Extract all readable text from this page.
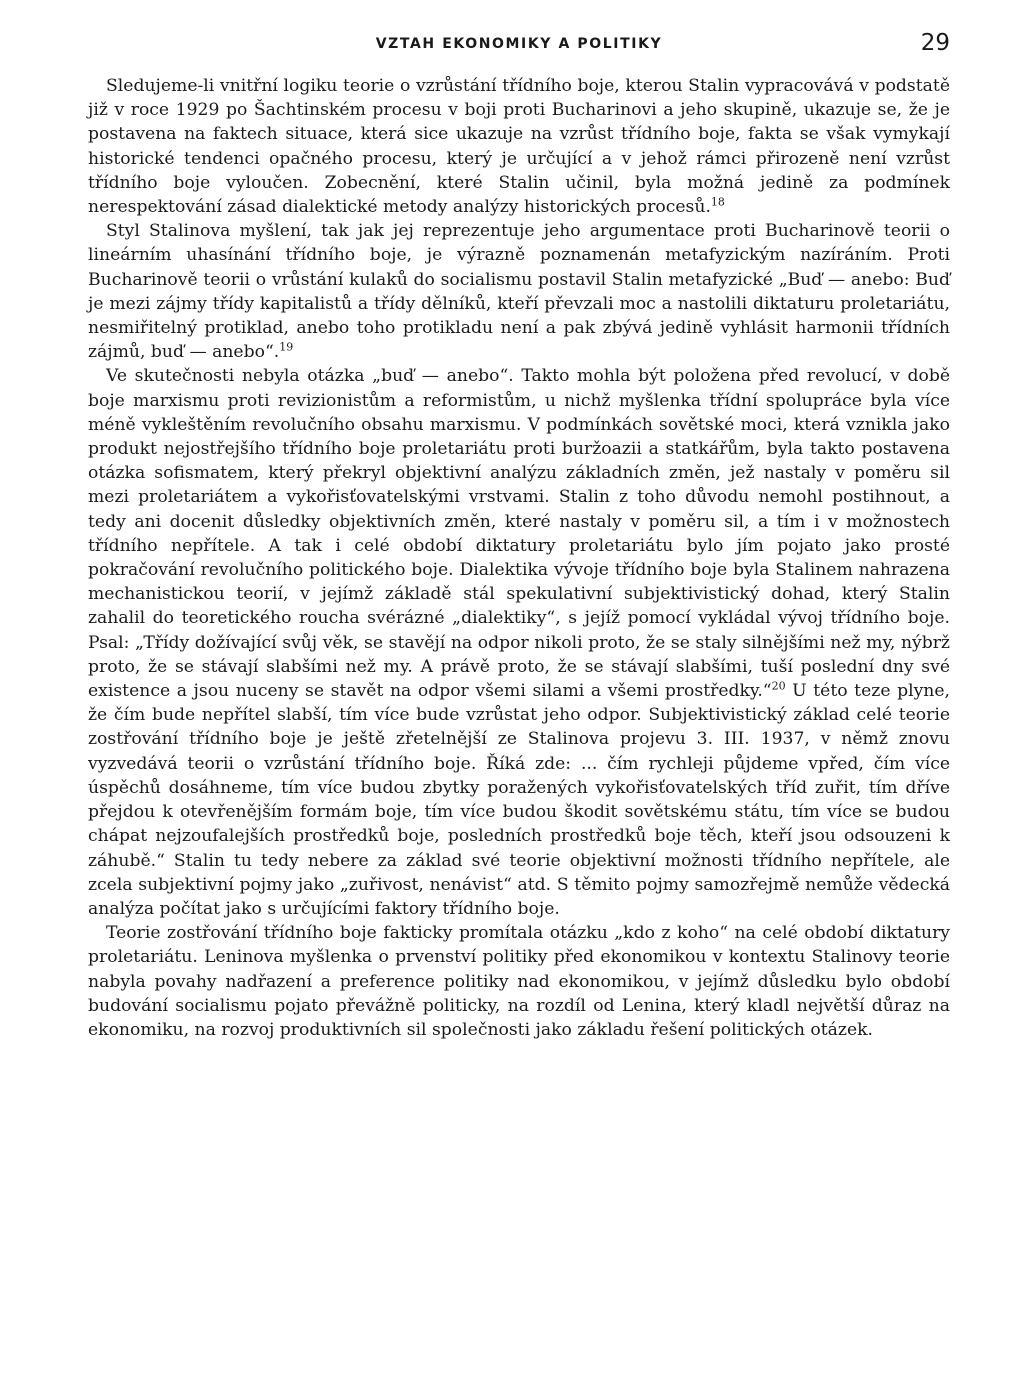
VZTAH EKONOMIKY A POLITIKY	29

Sledujeme-li vnitřní logiku teorie o vzrůstání třídního boje, kterou Stalin vypracovává v podstatě již v roce 1929 po Šachtinském procesu v boji proti Bucharinovi a jeho skupině, ukazuje se, že je postavena na faktech situace, která sice ukazuje na vzrůst třídního boje, fakta se však vymykají historické tendenci opačného procesu, který je určující a v jehož rámci přirozeně není vzrůst třídního boje vyloučen. Zobecnění, které Stalin učinil, byla možná jedině za podmínek nerespektování zásad dialektické metody analýzy historických procesů.$^{18}$

Styl Stalinova myšlení, tak jak jej reprezentuje jeho argumentace proti Bucharinově teorii o lineárním uhasínání třídního boje, je výrazně poznamenán metafyzickým nazíráním. Proti Bucharinově teorii o vrůstání kulaků do socialismu postavil Stalin metafyzické „Buď — anebo: Buď je mezi zájmy třídy kapitalistů a třídy dělníků, kteří převzali moc a nastolili diktaturu proletariátu, nesmiřitelný protiklad, anebo toho protikladu není a pak zbývá jedině vyhlásit harmonii třídních zájmů, buď — anebo“.$^{19}$

Ve skutečnosti nebyla otázka „buď — anebo“. Takto mohla být položena před revolucí, v době boje marxismu proti revizionistům a reformistům, u nichž myšlenka třídní spolupráce byla více méně vykleštěním revolučního obsahu marxismu. V podmínkách sovětské moci, která vznikla jako produkt nejostřejšího třídního boje proletariátu proti buržoazii a statkářům, byla takto postavena otázka sofismatem, který překryl objektivní analýzu základních změn, jež nastaly v poměru sil mezi proletariátem a vykořisťovatelskými vrstvami. Stalin z toho důvodu nemohl postihnout, a tedy ani docenit důsledky objektivních změn, které nastaly v poměru sil, a tím i v možnostech třídního nepřítele. A tak i celé období diktatury proletariátu bylo jím pojato jako prosté pokračování revolučního politického boje. Dialektika vývoje třídního boje byla Stalinem nahrazena mechanistickou teorií, v jejímž základě stál spekulativní subjektivistický dohad, který Stalin zahalil do teoretického roucha svérázné „dialektiky“, s jejíž pomocí vykládal vývoj třídního boje. Psal: „Třídy dožívající svůj věk, se stavějí na odpor nikoli proto, že se staly silnějšími než my, nýbrž proto, že se stávají slabšími než my. A právě proto, že se stávají slabšími, tuší poslední dny své existence a jsou nuceny se stavět na odpor všemi silami a všemi prostředky.“$^{20}$ U této teze plyne, že čím bude nepřítel slabší, tím více bude vzrůstat jeho odpor. Subjektivistický základ celé teorie zostřování třídního boje je ještě zřetelnější ze Stalinova projevu 3. III. 1937, v němž znovu vyzvedává teorii o vzrůstání třídního boje. Říká zde: ... čím rychleji půjdeme vpřed, čím více úspěchů dosáhneme, tím více budou zbytky poražených vykořisťovatelských tříd zuřit, tím dříve přejdou k otevřenějším formám boje, tím více budou škodit sovětskému státu, tím více se budou chápat nejzoufalejších prostředků boje, posledních prostředků boje těch, kteří jsou odsouzeni k záhubě.“ Stalin tu tedy nebere za základ své teorie objektivní možnosti třídního nepřítele, ale zcela subjektivní pojmy jako „zuřivost, nenávist“ atd. S těmito pojmy samozřejmě nemůže vědecká analýza počítat jako s určujícími faktory třídního boje.

Teorie zostřování třídního boje fakticky promítala otázku „kdo z koho“ na celé období diktatury proletariátu. Leninova myšlenka o prvenství politiky před ekonomikou v kontextu Stalinovy teorie nabyla povahy nadřazení a preference politiky nad ekonomikou, v jejímž důsledku bylo období budování socialismu pojato převážně politicky, na rozdíl od Lenina, který kladl největší důraz na ekonomiku, na rozvoj produktivních sil společnosti jako základu řešení politických otázek.
